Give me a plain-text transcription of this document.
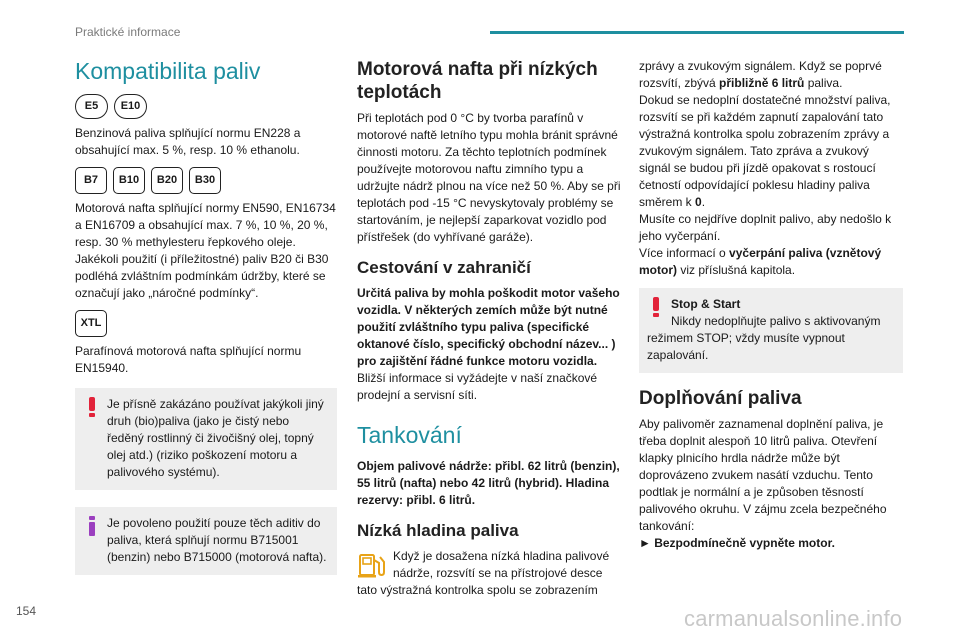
Praktické informace
Kompatibilita paliv
E5	E10

Benzinová paliva splňující normu EN228 a obsahující max. 5 %, resp. 10 % ethanolu.

B7	B10	B20	B30

Motorová nafta splňující normy EN590, EN16734 a EN16709 a obsahující max. 7 %, 10 %, 20 %, resp. 30 % methylesteru řepkového oleje. Jakékoli použití (i příležitostné) paliv B20 či B30 podléhá zvláštním podmínkám údržby, které se označují jako „náročné podmínky“.

XTL

Parafínová motorová nafta splňující normu EN15940.

Je přísně zakázáno používat jakýkoli jiný druh (bio)paliva (jako je čistý nebo ředěný rostlinný či živočišný olej, topný olej atd.) (riziko poškození motoru a palivového systému).

Je povoleno použití pouze těch aditiv do paliva, která splňují normu B715001 (benzin) nebo B715000 (motorová nafta).

Motorová nafta při nízkých teplotách

Při teplotách pod 0 °C by tvorba parafínů v motorové naftě letního typu mohla bránit správné činnosti motoru. Za těchto teplotních podmínek používejte motorovou naftu zimního typu a udržujte nádrž plnou na více než 50 %. Aby se při teplotách pod -15 °C nevyskytovaly problémy se startováním, je nejlepší zaparkovat vozidlo pod přístřešek (do vyhřívané garáže).

Cestování v zahraničí

Určitá paliva by mohla poškodit motor vašeho vozidla. V některých zemích může být nutné použití zvláštního typu paliva (specifické oktanové číslo, specifický obchodní název... ) pro zajištění řádné funkce motoru vozidla.

Bližší informace si vyžádejte v naší značkové prodejní a servisní síti.

Tankování

Objem palivové nádrže: přibl. 62 litrů (benzin), 55 litrů (nafta) nebo 42 litrů (hybrid). Hladina rezervy: přibl. 6 litrů.

Nízká hladina paliva

Když je dosažena nízká hladina palivové nádrže, rozsvítí se na přístrojové desce tato výstražná kontrolka spolu se zobrazením

zprávy a zvukovým signálem. Když se poprvé rozsvítí, zbývá přibližně 6 litrů paliva.

Dokud se nedoplní dostatečné množství paliva, rozsvítí se při každém zapnutí zapalování tato výstražná kontrolka spolu zobrazením zprávy a zvukovým signálem. Tato zpráva a zvukový signál se budou při jízdě opakovat s rostoucí četností odpovídající poklesu hladiny paliva směrem k 0.

Musíte co nejdříve doplnit palivo, aby nedošlo k jeho vyčerpání.

Více informací o vyčerpání paliva (vznětový motor) viz příslušná kapitola.

Stop & Start

Nikdy nedoplňujte palivo s aktivovaným režimem STOP; vždy musíte vypnout zapalování.

Doplňování paliva

Aby palivoměr zaznamenal doplnění paliva, je třeba doplnit alespoň 10 litrů paliva. Otevření klapky plnicího hrdla nádrže může být doprovázeno zvukem nasátí vzduchu. Tento podtlak je normální a je způsoben těsností palivového okruhu. V zájmu zcela bezpečného tankování:

► Bezpodmínečně vypněte motor.

154	carmanualsonline.info
